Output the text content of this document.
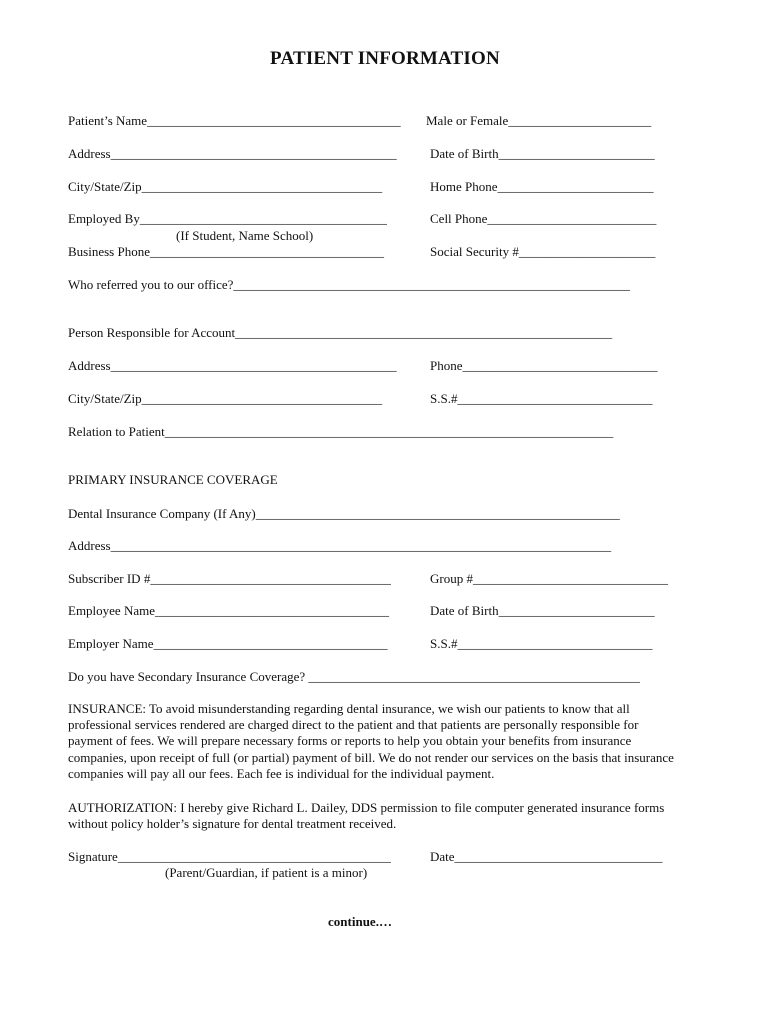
PATIENT INFORMATION
Patient’s Name_______________________________________ Male or Female______________________
Address____________________________________________	Date of Birth________________________
City/State/Zip_____________________________________	Home Phone________________________
Employed By______________________________________	Cell Phone__________________________
(If Student, Name School)
Business Phone____________________________________	Social Security #_____________________
Who referred you to our office?_____________________________________________________________
Person Responsible for Account__________________________________________________________
Address____________________________________________	Phone______________________________
City/State/Zip_____________________________________	S.S.#______________________________
Relation to Patient_____________________________________________________________________
PRIMARY INSURANCE COVERAGE
Dental Insurance Company (If Any)________________________________________________________
Address_____________________________________________________________________________
Subscriber ID #_____________________________________	Group #______________________________
Employee Name____________________________________	Date of Birth________________________
Employer Name____________________________________	S.S.#______________________________
Do you have Secondary Insurance Coverage? ___________________________________________________
INSURANCE: To avoid misunderstanding regarding dental insurance, we wish our patients to know that all professional services rendered are charged direct to the patient and that patients are personally responsible for payment of fees. We will prepare necessary forms or reports to help you obtain your benefits from insurance companies, upon receipt of full (or partial) payment of bill. We do not render our services on the basis that insurance companies will pay all our fees. Each fee is individual for the individual payment.
AUTHORIZATION: I hereby give Richard L. Dailey, DDS permission to file computer generated insurance forms without policy holder’s signature for dental treatment received.
Signature__________________________________________	Date________________________________
(Parent/Guardian, if patient is a minor)
continue.…
